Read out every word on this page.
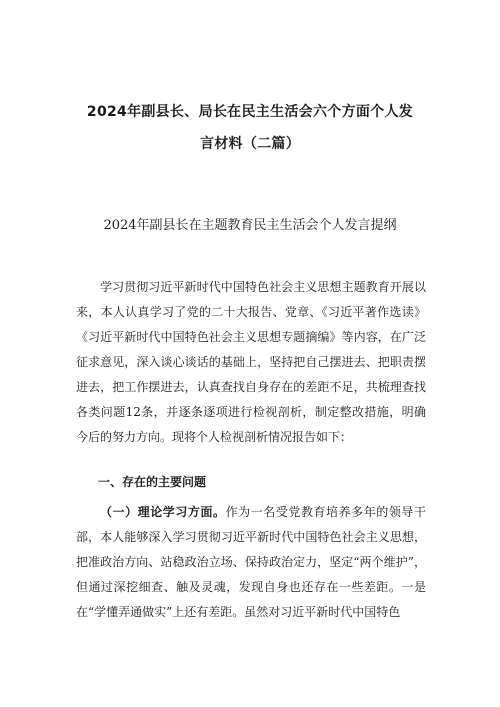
2024年副县长、局长在民主生活会六个方面个人发
言材料（二篇）
2024年副县长在主题教育民主生活会个人发言提纲
学习贯彻习近平新时代中国特色社会主义思想主题教育开展以来，本人认真学习了党的二十大报告、党章、《习近平著作选读》《习近平新时代中国特色社会主义思想专题摘编》等内容，在广泛征求意见，深入谈心谈话的基础上，坚持把自己摆进去、把职责摆进去，把工作摆进去，认真查找自身存在的差距不足，共梳理查找各类问题12条，并逐条逐项进行检视剖析，制定整改措施，明确今后的努力方向。现将个人检视剖析情况报告如下：
一、存在的主要问题
（一）理论学习方面。作为一名受党教育培养多年的领导干部，本人能够深入学习贯彻习近平新时代中国特色社会主义思想，把准政治方向、站稳政治立场、保持政治定力，坚定“两个维护”，但通过深挖细查、触及灵魂，发现自身也还存在一些差距。一是在“学懂弄通做实”上还有差距。虽然对习近平新时代中国特色
